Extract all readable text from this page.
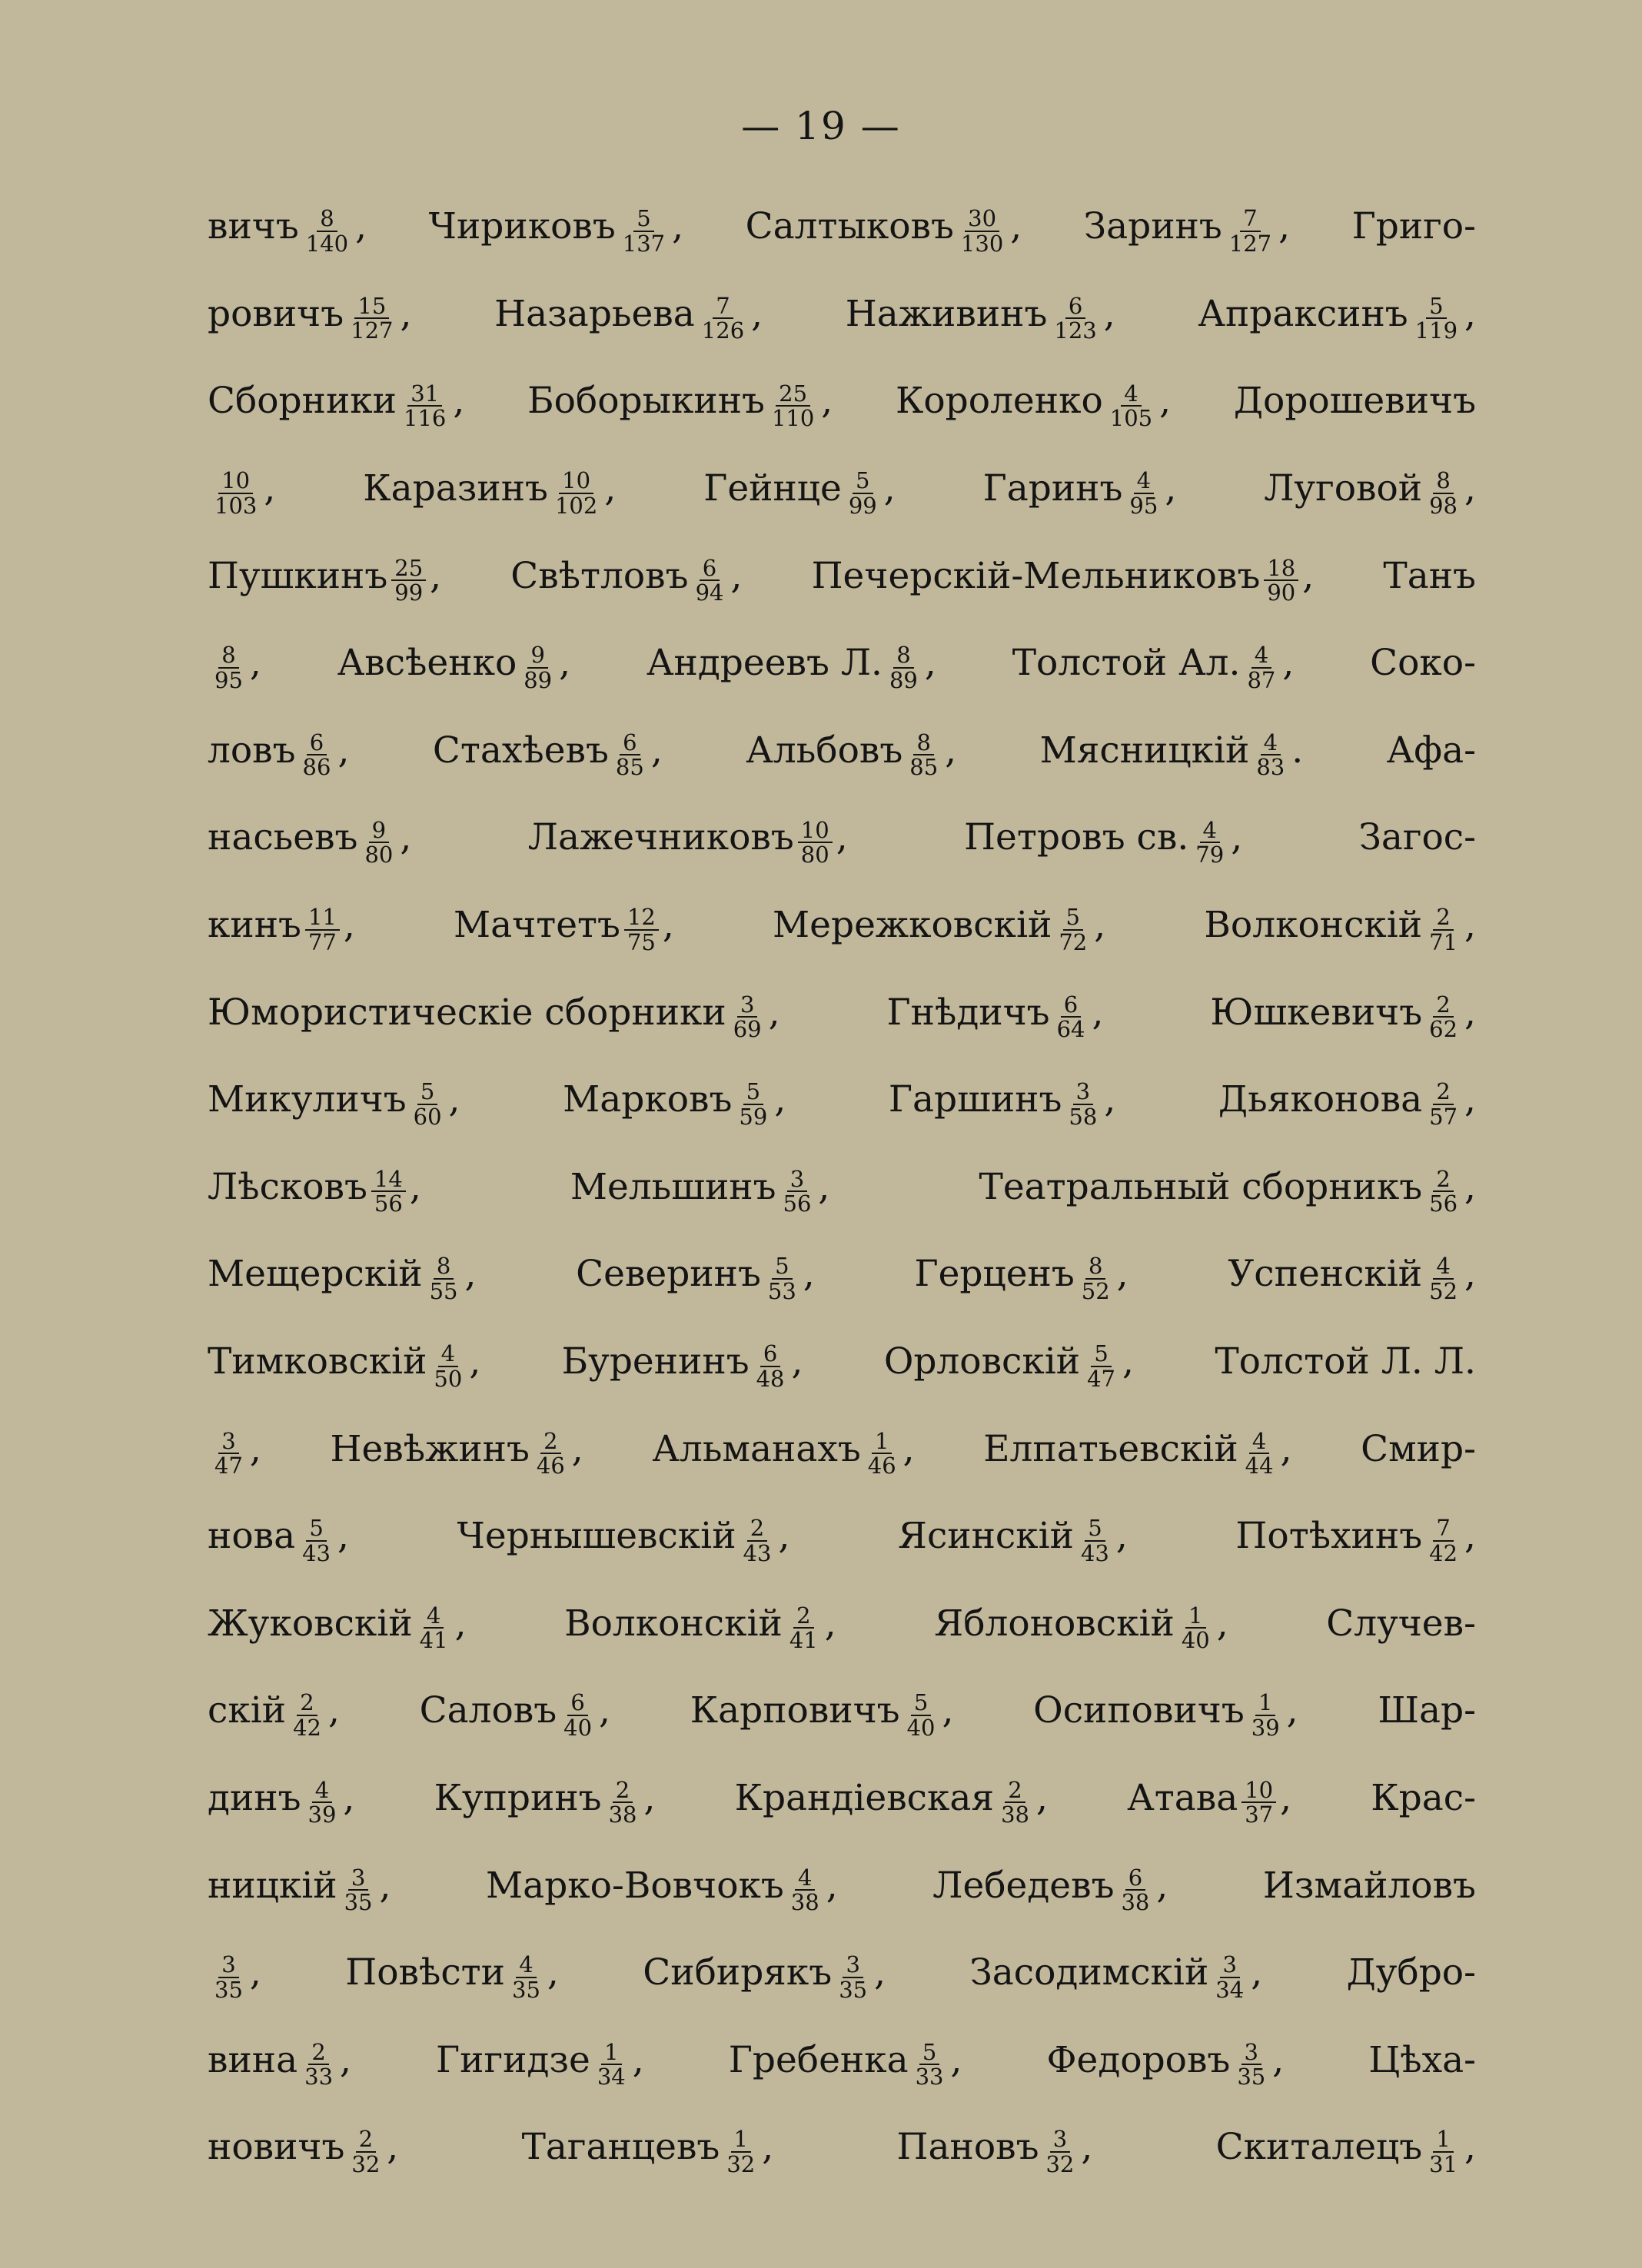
— 19 —
вичъ $\frac{8}{140}$ , Чириковъ $\frac{5}{137}$ , Салтыковъ $\frac{30}{130}$ , Заринъ $\frac{7}{127}$ , Григо-
ровичъ $\frac{15}{127}$ , Назарьева $\frac{7}{126}$ , Наживинъ $\frac{6}{123}$ , Апраксинъ $\frac{5}{119}$ ,
Сборники $\frac{31}{116}$ , Боборыкинъ $\frac{25}{110}$ , Короленко $\frac{4}{105}$ , Дорошевичъ
$\frac{10}{103}$ , Каразинъ $\frac{10}{102}$ , Гейнце $\frac{5}{99}$ , Гаринъ $\frac{4}{95}$ , Луговой $\frac{8}{98}$ ,
Пушкинъ $\frac{25}{99}$ , Свѣтловъ $\frac{6}{94}$ , Печерскій-Мельниковъ $\frac{18}{90}$ , Танъ
$\frac{8}{95}$ , Авсѣенко $\frac{9}{89}$ , Андреевъ Л. $\frac{8}{89}$ , Толстой Ал. $\frac{4}{87}$ , Соко-
ловъ $\frac{6}{86}$ , Стахѣевъ $\frac{6}{85}$ , Альбовъ $\frac{8}{85}$ , Мясницкій $\frac{4}{83}$ . Афа-
насьевъ $\frac{9}{80}$ ,	Лажечниковъ $\frac{10}{80}$ ,	Петровъ св. $\frac{4}{79}$ ,	Загос-
кинъ $\frac{11}{77}$ ,	Мачтетъ $\frac{12}{75}$ ,	Мережковскій $\frac{5}{72}$ ,	Волконскій $\frac{2}{71}$ ,
Юмористическіе сборники $\frac{3}{69}$ ,	Гнѣдичъ $\frac{6}{64}$ ,	Юшкевичъ $\frac{2}{62}$ ,
Микуличъ $\frac{5}{60}$ ,	Марковъ $\frac{5}{59}$ ,	Гаршинъ $\frac{3}{58}$ ,	Дьяконова $\frac{2}{57}$ ,
Лѣсковъ $\frac{14}{56}$ ,	Мельшинъ $\frac{3}{56}$ ,	Театральный сборникъ $\frac{2}{56}$ ,
Мещерскій $\frac{8}{55}$ ,	Северинъ $\frac{5}{53}$ ,	Герценъ $\frac{8}{52}$ ,	Успенскій $\frac{4}{52}$ ,
Тимковскій $\frac{4}{50}$ , Буренинъ $\frac{6}{48}$ , Орловскій $\frac{5}{47}$ , Толстой Л. Л.
$\frac{3}{47}$ , Невѣжинъ $\frac{2}{46}$ , Альманахъ $\frac{1}{46}$ , Елпатьевскій $\frac{4}{44}$ , Смир-
нова $\frac{5}{43}$ ,	Чернышевскій $\frac{2}{43}$ ,	Ясинскій $\frac{5}{43}$ ,	Потѣхинъ $\frac{7}{42}$ ,
Жуковскій $\frac{4}{41}$ ,	Волконскій $\frac{2}{41}$ ,	Яблоновскій $\frac{1}{40}$ ,	Случев-
скій $\frac{2}{42}$ , Саловъ $\frac{6}{40}$ , Карповичъ $\frac{5}{40}$ , Осиповичъ $\frac{1}{39}$ , Шар-
динъ $\frac{4}{39}$ , Купринъ $\frac{2}{38}$ , Крандіевская $\frac{2}{38}$ , Атава $\frac{10}{37}$ , Крас-
ницкій $\frac{3}{35}$ ,	Марко-Вовчокъ $\frac{4}{38}$ ,	Лебедевъ $\frac{6}{38}$ ,	Измайловъ
$\frac{3}{35}$ , Повѣсти $\frac{4}{35}$ , Сибирякъ $\frac{3}{35}$ , Засодимскій $\frac{3}{34}$ , Дубро-
вина $\frac{2}{33}$ , Гигидзе $\frac{1}{34}$ , Гребенка $\frac{5}{33}$ , Федоровъ $\frac{3}{35}$ , Цѣха-
новичъ $\frac{2}{32}$ ,	Таганцевъ $\frac{1}{32}$ ,	Пановъ $\frac{3}{32}$ ,	Скиталецъ $\frac{1}{31}$ ,
